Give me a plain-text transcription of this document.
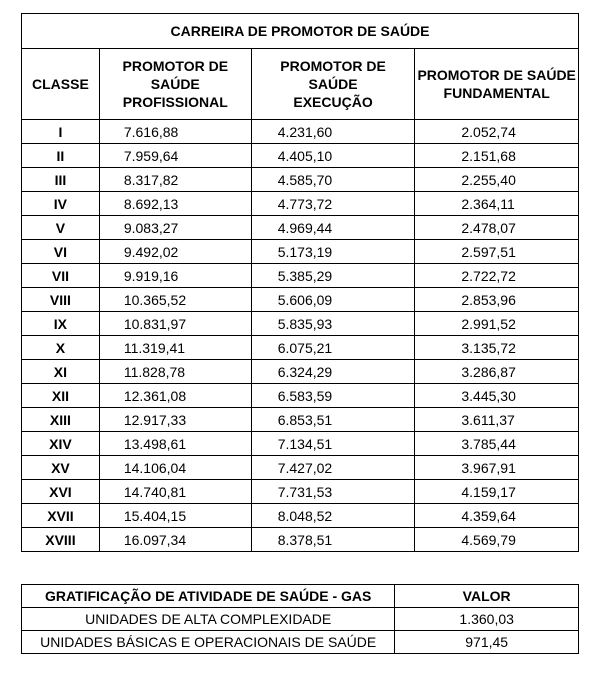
CARREIRA DE PROMOTOR DE SAÚDE			
CLASSE	PROMOTOR DE SAÚDE PROFISSIONAL	PROMOTOR DE SAÚDE EXECUÇÃO	PROMOTOR DE SAÚDE FUNDAMENTAL
I	7.616,88	4.231,60	2.052,74
II	7.959,64	4.405,10	2.151,68
III	8.317,82	4.585,70	2.255,40
IV	8.692,13	4.773,72	2.364,11
V	9.083,27	4.969,44	2.478,07
VI	9.492,02	5.173,19	2.597,51
VII	9.919,16	5.385,29	2.722,72
VIII	10.365,52	5.606,09	2.853,96
IX	10.831,97	5.835,93	2.991,52
X	11.319,41	6.075,21	3.135,72
XI	11.828,78	6.324,29	3.286,87
XII	12.361,08	6.583,59	3.445,30
XIII	12.917,33	6.853,51	3.611,37
XIV	13.498,61	7.134,51	3.785,44
XV	14.106,04	7.427,02	3.967,91
XVI	14.740,81	7.731,53	4.159,17
XVII	15.404,15	8.048,52	4.359,64
XVIII	16.097,34	8.378,51	4.569,79
GRATIFICAÇÃO DE ATIVIDADE DE SAÚDE - GAS	VALOR
UNIDADES DE ALTA COMPLEXIDADE	1.360,03
UNIDADES BÁSICAS E OPERACIONAIS DE SAÚDE	971,45
